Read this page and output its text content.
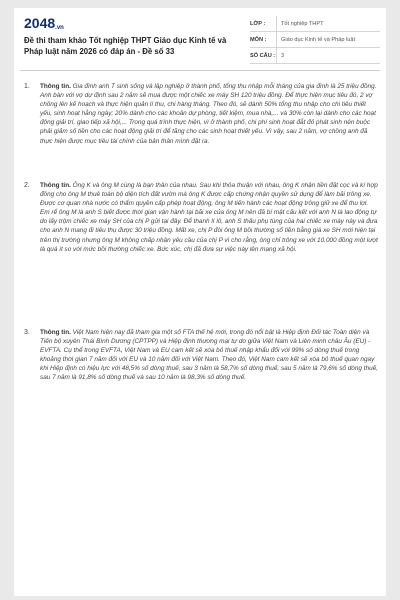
2048.vn
Đề thi tham khảo Tốt nghiệp THPT Giáo dục Kinh tế và Pháp luật năm 2026 có đáp án - Đề số 33
LỚP :	Tốt nghiệp THPT
MÔN :	Giáo dục Kinh tế và Pháp luật
SỐ CÂU :	3
1.	Thông tin. Gia đình anh T sinh sống và lập nghiệp ở thành phố, tổng thu nhập mỗi tháng của gia đình là 25 triệu đồng. Anh bàn với vợ dự định sau 2 năm sẽ mua được một chiếc xe máy SH 120 triệu đồng. Để thực hiện mục tiêu đó, 2 vợ chồng lên kế hoạch và thực hiện quản lí thu, chi hàng tháng. Theo đó, sẽ dành 50% tổng thu nhập cho chi tiêu thiết yếu, sinh hoạt hằng ngày; 20% dành cho các khoản dự phòng, tiết kiệm, mua nhà,... và 30% còn lại dành cho các hoạt động giải trí, giao tiếp xã hội,... Trong quá trình thực hiện, vì ở thành phố, chi phí sinh hoạt đắt đỏ phát sinh nên buộc phải giảm số tiền cho các hoạt động giải trí để tăng cho các sinh hoạt thiết yếu. Vì vậy, sau 2 năm, vợ chồng anh đã thực hiện được mục tiêu tài chính của bản thân mình đặt ra.
2.	Thông tin. Ông K và ông M cùng là bạn thân của nhau. Sau khi thỏa thuận với nhau, ông K nhận tiền đặt cọc và kí hợp đồng cho ông M thuê toàn bộ diện tích đất vườn mà ông K được cấp chứng nhận quyền sử dụng để làm bãi trông xe. Được cơ quan nhà nước có thẩm quyền cấp phép hoạt động, ông M tiến hành các hoạt động trông giữ xe để thu lợi. Em rể ông M là anh S biết được thời gian vận hành tại bãi xe của ông M nên đã bí mật cấu kết với anh N là lao động tự do lấy trộm chiếc xe máy SH của chị P gửi tại đây. Để thanh lí lô, anh S thấu phụ tùng của hai chiếc xe máy này và đưa cho anh N mang đi tiêu thụ được 30 triệu đồng. Mất xe, chị P đòi ông M bồi thường số tiền bằng giá xe SH mới hiện tại trên thị trường nhưng ông M không chấp nhận yêu cầu của chị P vì cho rằng, ông chỉ trông xe với 10.000 đồng một lượt là quá ít so với mức bồi thường chiếc xe. Bức xúc, chị đã đưa sự việc này lên mạng xã hội.
3.	Thông tin. Việt Nam hiện nay đã tham gia một số FTA thế hệ mới, trong đó nổi bật là Hiệp định Đối tác Toàn diện và Tiến bộ xuyên Thái Bình Dương (CPTPP) và Hiệp định thương mại tự do giữa Việt Nam và Liên minh châu Âu (EU) - EVFTA. Cụ thể trong EVFTA, Việt Nam và EU cam kết sẽ xóa bỏ thuế nhập khẩu đối với 99% số dòng thuế trong khoảng thời gian 7 năm đối với EU và 10 năm đối với Việt Nam. Theo đó, Việt Nam cam kết sẽ xóa bỏ thuế quan ngay khi Hiệp định có hiệu lực với 48,5% số dòng thuế, sau 3 năm là 58,7% số dòng thuế, sau 5 năm là 79,6% số dòng thuế, sau 7 năm là 91,8% số dòng thuế và sau 10 năm là 98,3% số dòng thuế.
